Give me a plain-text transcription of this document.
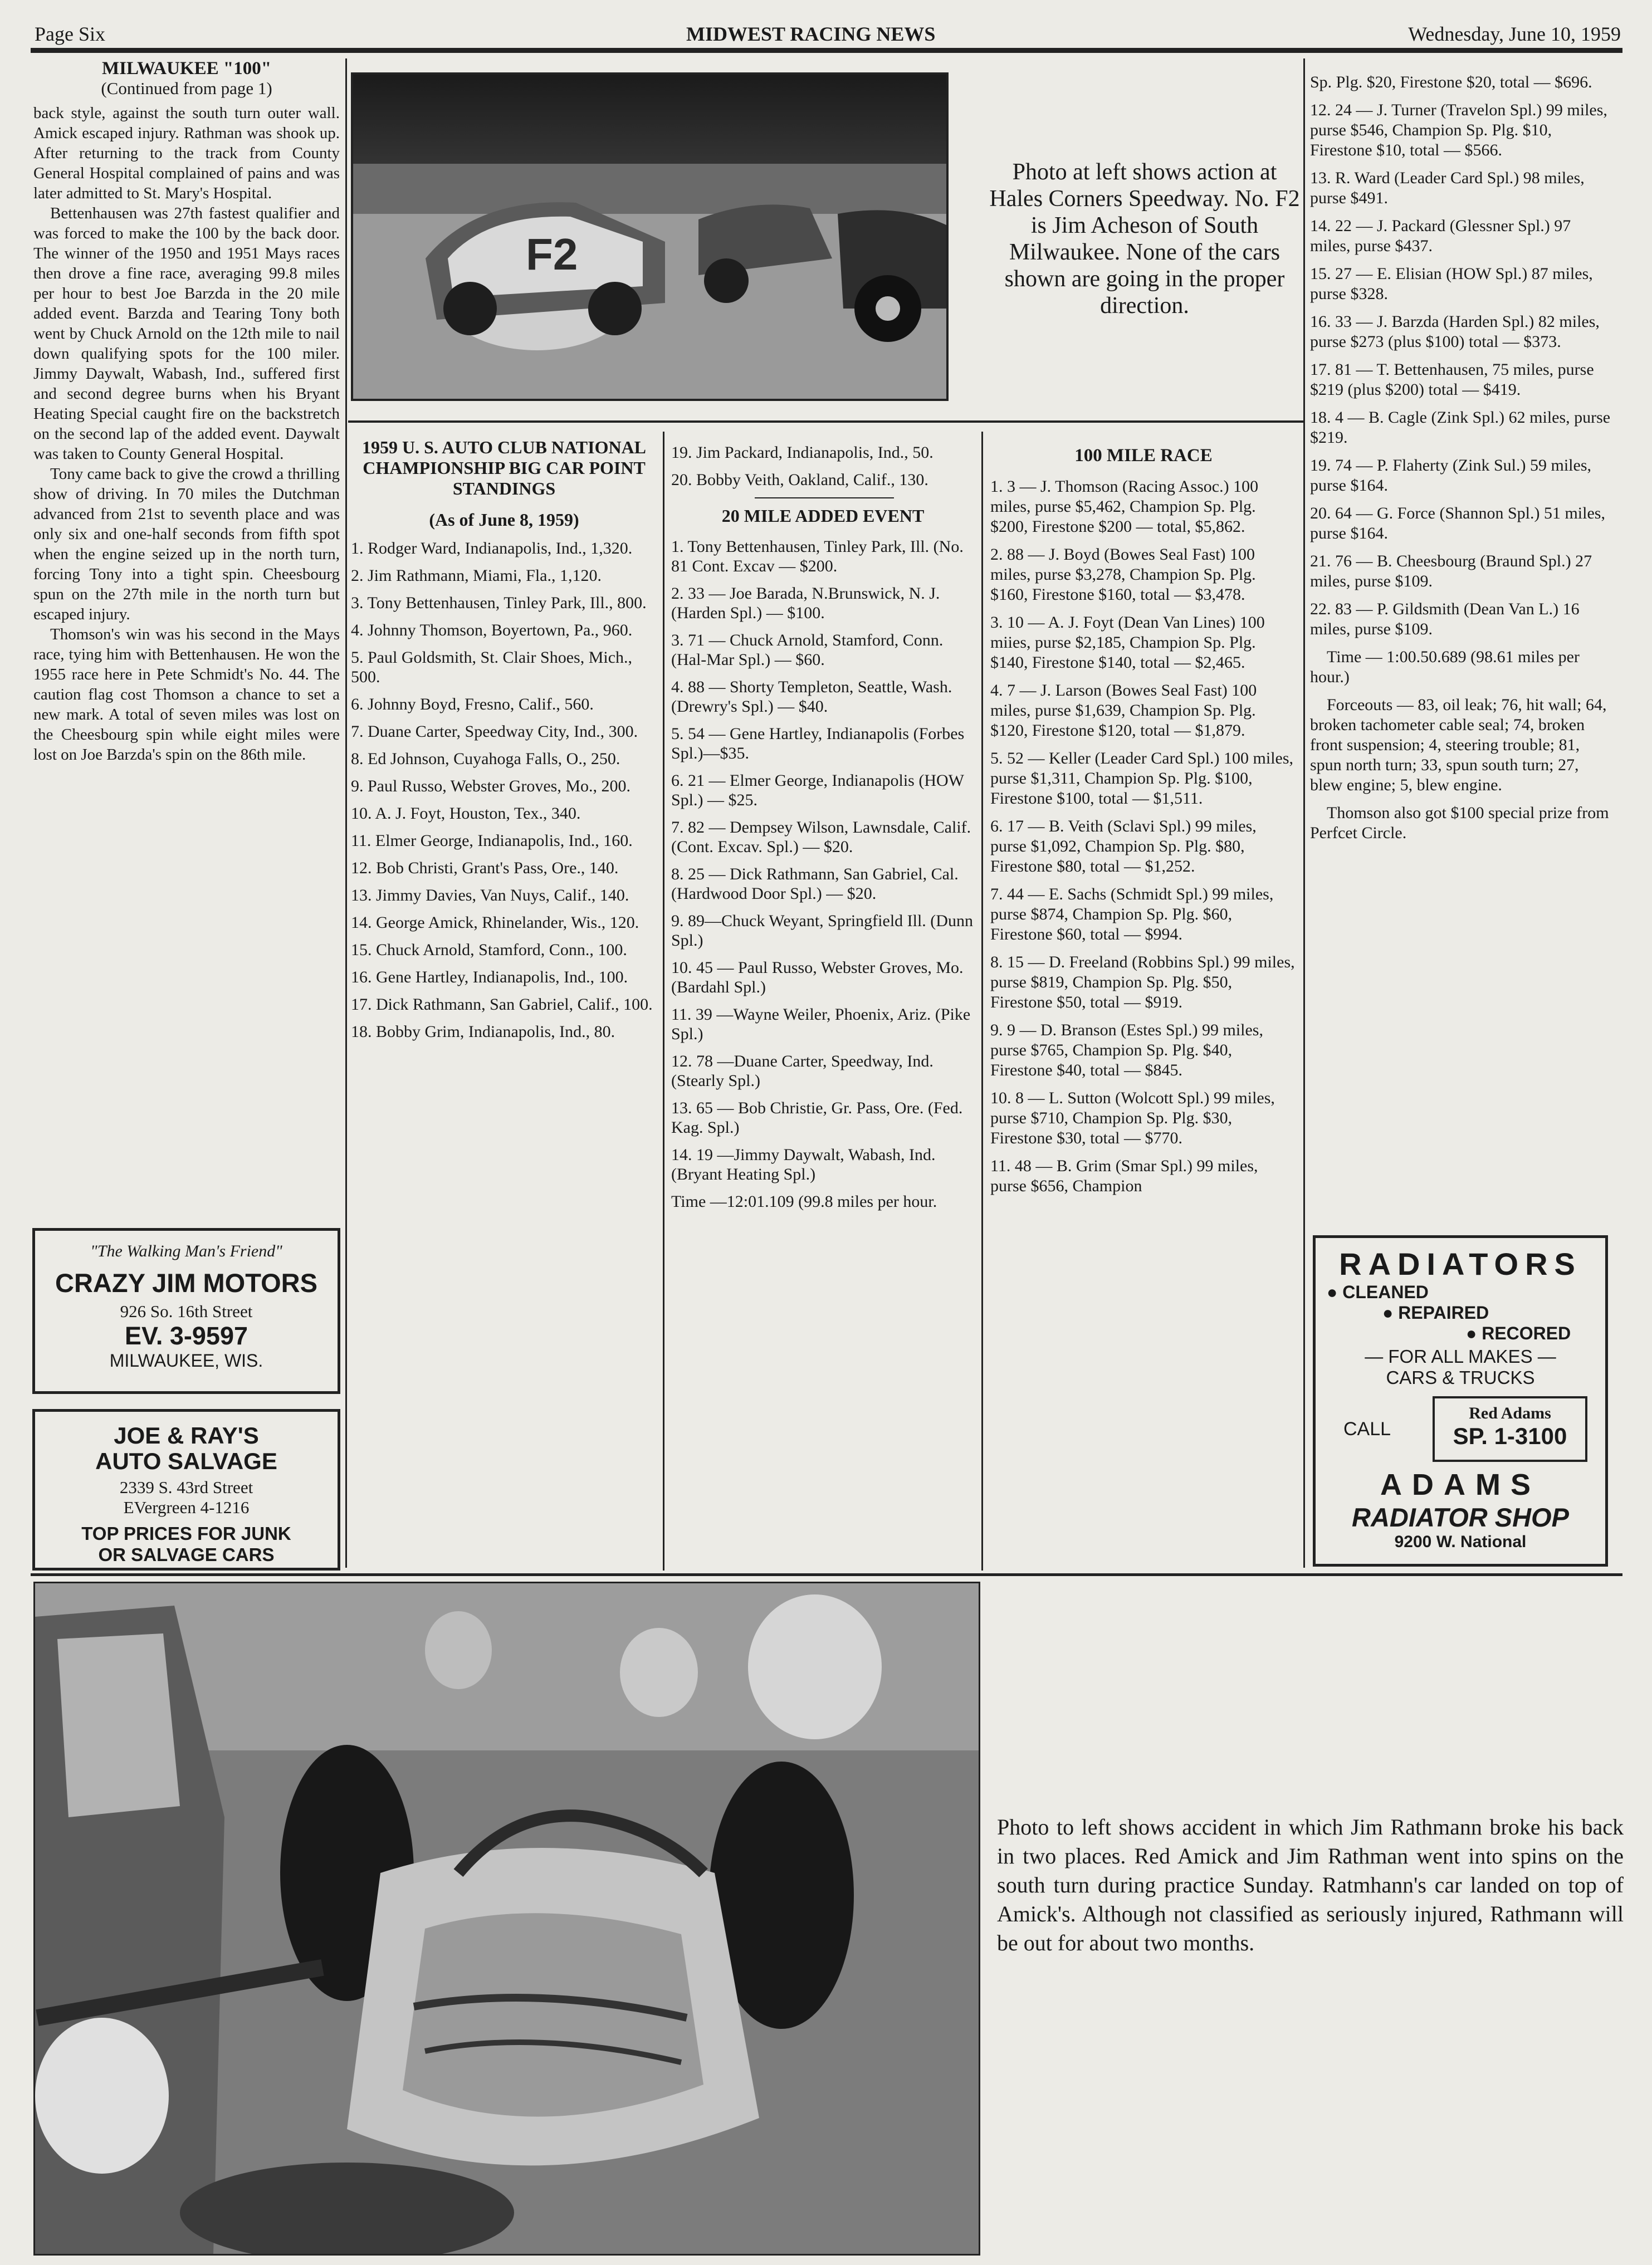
Page Six	MIDWEST RACING NEWS	Wednesday, June 10, 1959
MILWAUKEE "100"
(Continued from page 1)

back style, against the south turn outer wall. Amick escaped injury. Rathman was shook up. After returning to the track from County General Hospital complained of pains and was later admitted to St. Mary's Hospital.

Bettenhausen was 27th fastest qualifier and was forced to make the 100 by the back door. The winner of the 1950 and 1951 Mays races then drove a fine race, averaging 99.8 miles per hour to best Joe Barzda in the 20 mile added event. Barzda and Tearing Tony both went by Chuck Arnold on the 12th mile to nail down qualifying spots for the 100 miler. Jimmy Daywalt, Wabash, Ind., suffered first and second degree burns when his Bryant Heating Special caught fire on the backstretch on the second lap of the added event. Daywalt was taken to County General Hospital.

Tony came back to give the crowd a thrilling show of driving. In 70 miles the Dutchman advanced from 21st to seventh place and was only six and one-half seconds from fifth spot when the engine seized up in the north turn, forcing Tony into a tight spin. Cheesbourg spun on the 27th mile in the north turn but escaped injury.

Thomson's win was his second in the Mays race, tying him with Bettenhausen. He won the 1955 race here in Pete Schmidt's No. 44. The caution flag cost Thomson a chance to set a new mark. A total of seven miles was lost on the Cheesbourg spin while eight miles were lost on Joe Barzda's spin on the 86th mile.

"The Walking Man's Friend"
CRAZY JIM MOTORS
926 So. 16th Street
EV. 3-9597
MILWAUKEE, WIS.
JOE & RAY'S
AUTO SALVAGE
2339 S. 43rd Street
EVergreen 4-1216
TOP PRICES FOR JUNK
OR SALVAGE CARS
F2
Photo at left shows action at Hales Corners Speedway. No. F2 is Jim Acheson of South Milwaukee. None of the cars shown are going in the proper direction.

Sp. Plg. $20, Firestone $20, total — $696.

12. 24 — J. Turner (Travelon Spl.) 99 miles, purse $546, Champion Sp. Plg. $10, Firestone $10, total — $566.

13. R. Ward (Leader Card Spl.) 98 miles, purse $491.

14. 22 — J. Packard (Glessner Spl.) 97 miles, purse $437.

15. 27 — E. Elisian (HOW Spl.) 87 miles, purse $328.

16. 33 — J. Barzda (Harden Spl.) 82 miles, purse $273 (plus $100) total — $373.

17. 81 — T. Bettenhausen, 75 miles, purse $219 (plus $200) total — $419.

18. 4 — B. Cagle (Zink Spl.) 62 miles, purse $219.

19. 74 — P. Flaherty (Zink Sul.) 59 miles, purse $164.

20. 64 — G. Force (Shannon Spl.) 51 miles, purse $164.

21. 76 — B. Cheesbourg (Braund Spl.) 27 miles, purse $109.

22. 83 — P. Gildsmith (Dean Van L.) 16 miles, purse $109.

Time — 1:00.50.689 (98.61 miles per hour.)

Forceouts — 83, oil leak; 76, hit wall; 64, broken tachometer cable seal; 74, broken front suspension; 4, steering trouble; 81, spun north turn; 33, spun south turn; 27, blew engine; 5, blew engine.

Thomson also got $100 special prize from Perfcet Circle.

RADIATORS
● CLEANED
● REPAIRED
● RECORED
— FOR ALL MAKES —
CARS & TRUCKS
CALL
Red Adams
SP. 1-3100
ADAMS
RADIATOR SHOP
9200 W. National
1959 U. S. AUTO CLUB NATIONAL CHAMPIONSHIP BIG CAR POINT STANDINGS
(As of June 8, 1959)

1. Rodger Ward, Indianapolis, Ind., 1,320.

2. Jim Rathmann, Miami, Fla., 1,120.

3. Tony Bettenhausen, Tinley Park, Ill., 800.

4. Johnny Thomson, Boyertown, Pa., 960.

5. Paul Goldsmith, St. Clair Shoes, Mich., 500.

6. Johnny Boyd, Fresno, Calif., 560.

7. Duane Carter, Speedway City, Ind., 300.

8. Ed Johnson, Cuyahoga Falls, O., 250.

9. Paul Russo, Webster Groves, Mo., 200.

10. A. J. Foyt, Houston, Tex., 340.

11. Elmer George, Indianapolis, Ind., 160.

12. Bob Christi, Grant's Pass, Ore., 140.

13. Jimmy Davies, Van Nuys, Calif., 140.

14. George Amick, Rhinelander, Wis., 120.

15. Chuck Arnold, Stamford, Conn., 100.

16. Gene Hartley, Indianapolis, Ind., 100.

17. Dick Rathmann, San Gabriel, Calif., 100.

18. Bobby Grim, Indianapolis, Ind., 80.

19. Jim Packard, Indianapolis, Ind., 50.

20. Bobby Veith, Oakland, Calif., 130.

20 MILE ADDED EVENT

1. Tony Bettenhausen, Tinley Park, Ill. (No. 81 Cont. Excav — $200.

2. 33 — Joe Barada, N.Brunswick, N. J. (Harden Spl.) — $100.

3. 71 — Chuck Arnold, Stamford, Conn. (Hal-Mar Spl.) — $60.

4. 88 — Shorty Templeton, Seattle, Wash. (Drewry's Spl.) — $40.

5. 54 — Gene Hartley, Indianapolis (Forbes Spl.)—$35.

6. 21 — Elmer George, Indianapolis (HOW Spl.) — $25.

7. 82 — Dempsey Wilson, Lawnsdale, Calif. (Cont. Excav. Spl.) — $20.

8. 25 — Dick Rathmann, San Gabriel, Cal. (Hardwood Door Spl.) — $20.

9. 89—Chuck Weyant, Springfield Ill. (Dunn Spl.)

10. 45 — Paul Russo, Webster Groves, Mo. (Bardahl Spl.)

11. 39 —Wayne Weiler, Phoenix, Ariz. (Pike Spl.)

12. 78 —Duane Carter, Speedway, Ind. (Stearly Spl.)

13. 65 — Bob Christie, Gr. Pass, Ore. (Fed. Kag. Spl.)

14. 19 —Jimmy Daywalt, Wabash, Ind. (Bryant Heating Spl.)

Time —12:01.109 (99.8 miles per hour.

100 MILE RACE

1. 3 — J. Thomson (Racing Assoc.) 100 miles, purse $5,462, Champion Sp. Plg. $200, Firestone $200 — total, $5,862.

2. 88 — J. Boyd (Bowes Seal Fast) 100 miles, purse $3,278, Champion Sp. Plg. $160, Firestone $160, total — $3,478.

3. 10 — A. J. Foyt (Dean Van Lines) 100 miies, purse $2,185, Champion Sp. Plg. $140, Firestone $140, total — $2,465.

4. 7 — J. Larson (Bowes Seal Fast) 100 miles, purse $1,639, Champion Sp. Plg. $120, Firestone $120, total — $1,879.

5. 52 — Keller (Leader Card Spl.) 100 miles, purse $1,311, Champion Sp. Plg. $100, Firestone $100, total — $1,511.

6. 17 — B. Veith (Sclavi Spl.) 99 miles, purse $1,092, Champion Sp. Plg. $80, Firestone $80, total — $1,252.

7. 44 — E. Sachs (Schmidt Spl.) 99 miles, purse $874, Champion Sp. Plg. $60, Firestone $60, total — $994.

8. 15 — D. Freeland (Robbins Spl.) 99 miles, purse $819, Champion Sp. Plg. $50, Firestone $50, total — $919.

9. 9 — D. Branson (Estes Spl.) 99 miles, purse $765, Champion Sp. Plg. $40, Firestone $40, total — $845.

10. 8 — L. Sutton (Wolcott Spl.) 99 miles, purse $710, Champion Sp. Plg. $30, Firestone $30, total — $770.

11. 48 — B. Grim (Smar Spl.) 99 miles, purse $656, Champion

Photo to left shows accident in which Jim Rathmann broke his back in two places. Red Amick and Jim Rathman went into spins on the south turn during practice Sunday. Ratmhann's car landed on top of Amick's. Although not classified as seriously injured, Rathmann will be out for about two months.
